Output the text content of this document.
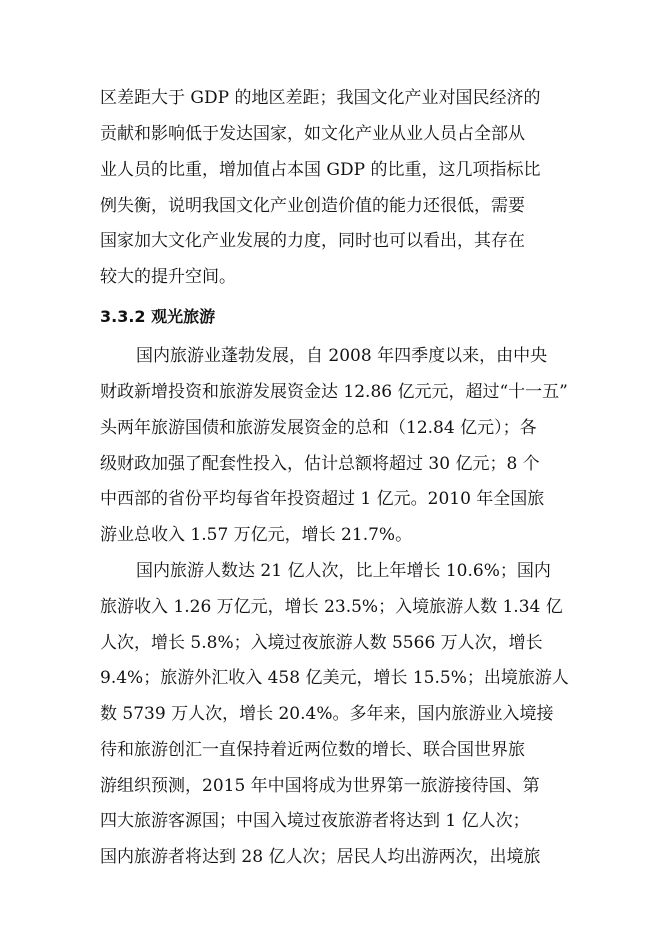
区差距大于 GDP 的地区差距；我国文化产业对国民经济的
贡献和影响低于发达国家，如文化产业从业人员占全部从
业人员的比重，增加值占本国 GDP 的比重，这几项指标比
例失衡，说明我国文化产业创造价值的能力还很低，需要
国家加大文化产业发展的力度，同时也可以看出，其存在
较大的提升空间。
3.3.2 观光旅游
国内旅游业蓬勃发展，自 2008 年四季度以来，由中央
财政新增投资和旅游发展资金达 12.86 亿元元，超过“十一五”
头两年旅游国债和旅游发展资金的总和（12.84 亿元）；各
级财政加强了配套性投入，估计总额将超过 30 亿元；8 个
中西部的省份平均每省年投资超过 1 亿元。2010 年全国旅
游业总收入 1.57 万亿元，增长 21.7%。
国内旅游人数达 21 亿人次，比上年增长 10.6%；国内
旅游收入 1.26 万亿元，增长 23.5%；入境旅游人数 1.34 亿
人次，增长 5.8%；入境过夜旅游人数 5566 万人次，增长
9.4%；旅游外汇收入 458 亿美元，增长 15.5%；出境旅游人
数 5739 万人次，增长 20.4%。多年来，国内旅游业入境接
待和旅游创汇一直保持着近两位数的增长、联合国世界旅
游组织预测，2015 年中国将成为世界第一旅游接待国、第
四大旅游客源国；中国入境过夜旅游者将达到 1 亿人次；
国内旅游者将达到 28 亿人次；居民人均出游两次，出境旅
